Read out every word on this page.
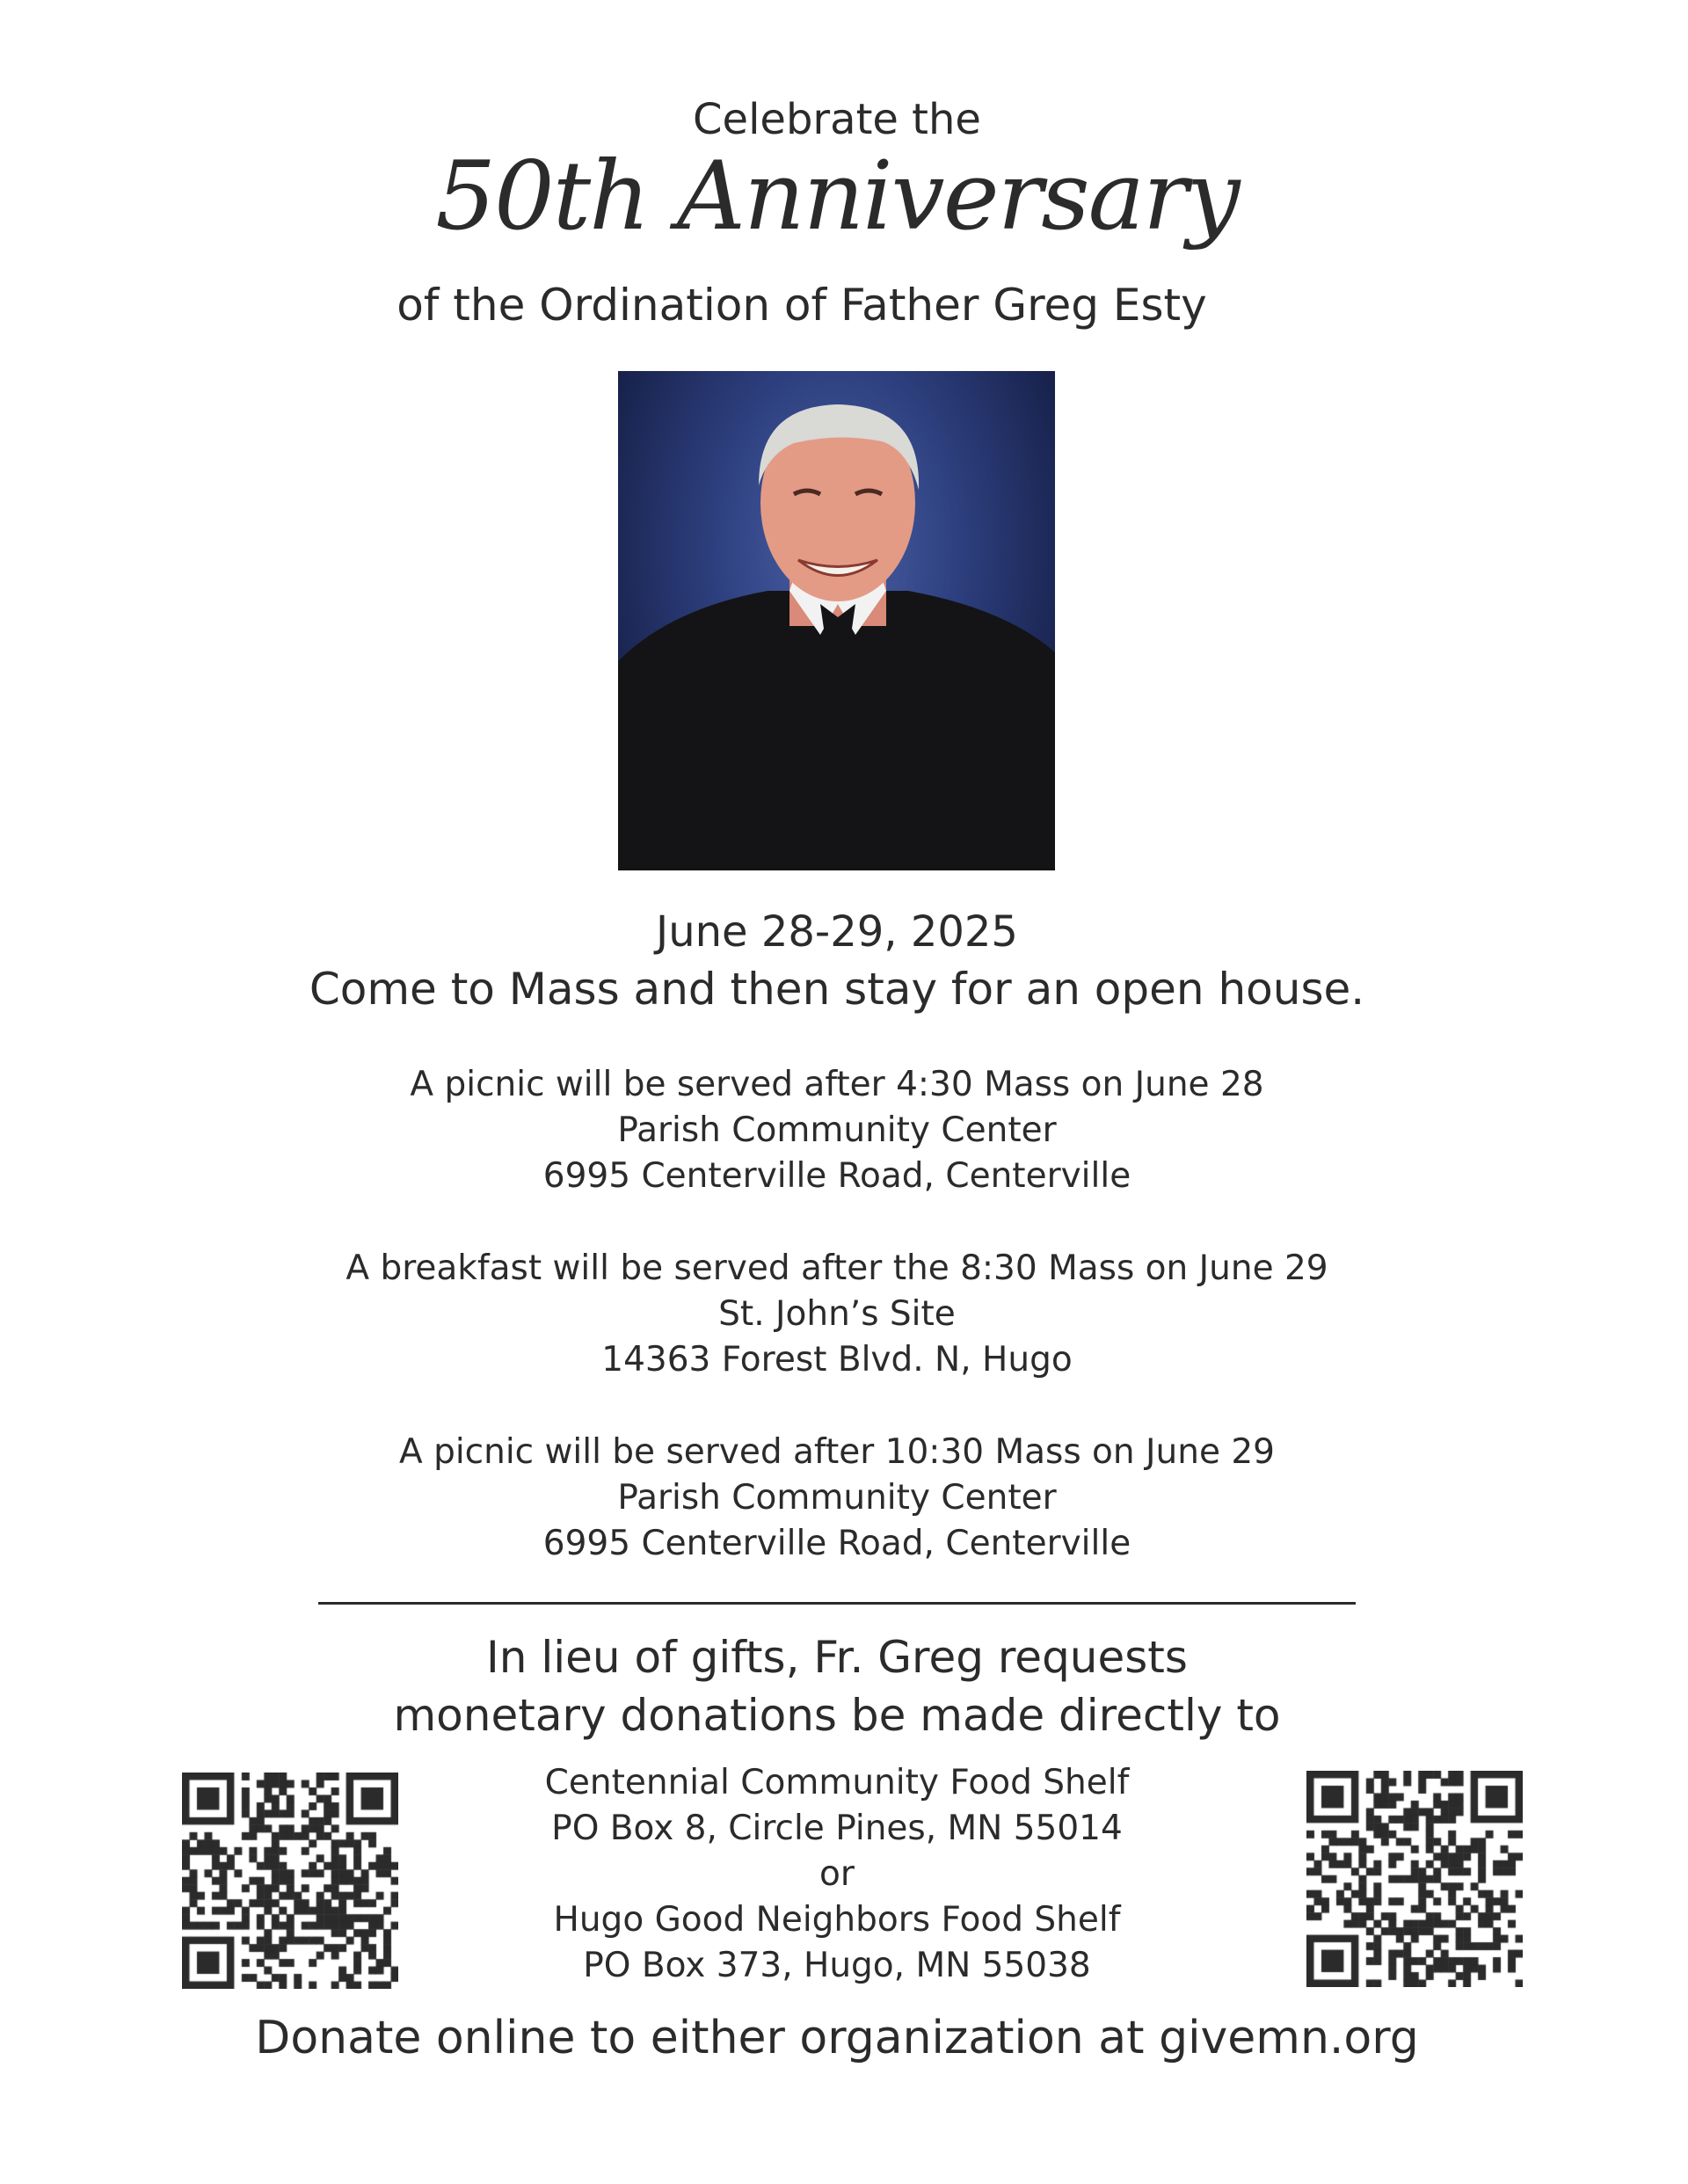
Celebrate the
50th Anniversary
of the Ordination of Father Greg Esty
June 28-29, 2025
Come to Mass and then stay for an open house.
A picnic will be served after 4:30 Mass on June 28
Parish Community Center
6995 Centerville Road, Centerville
A breakfast will be served after the 8:30 Mass on June 29
St. John’s Site
14363 Forest Blvd. N, Hugo
A picnic will be served after 10:30 Mass on June 29
Parish Community Center
6995 Centerville Road, Centerville
In lieu of gifts, Fr. Greg requests
monetary donations be made directly to
Centennial Community Food Shelf
PO Box 8, Circle Pines, MN 55014
or
Hugo Good Neighbors Food Shelf
PO Box 373, Hugo, MN 55038
Donate online to either organization at givemn.org
